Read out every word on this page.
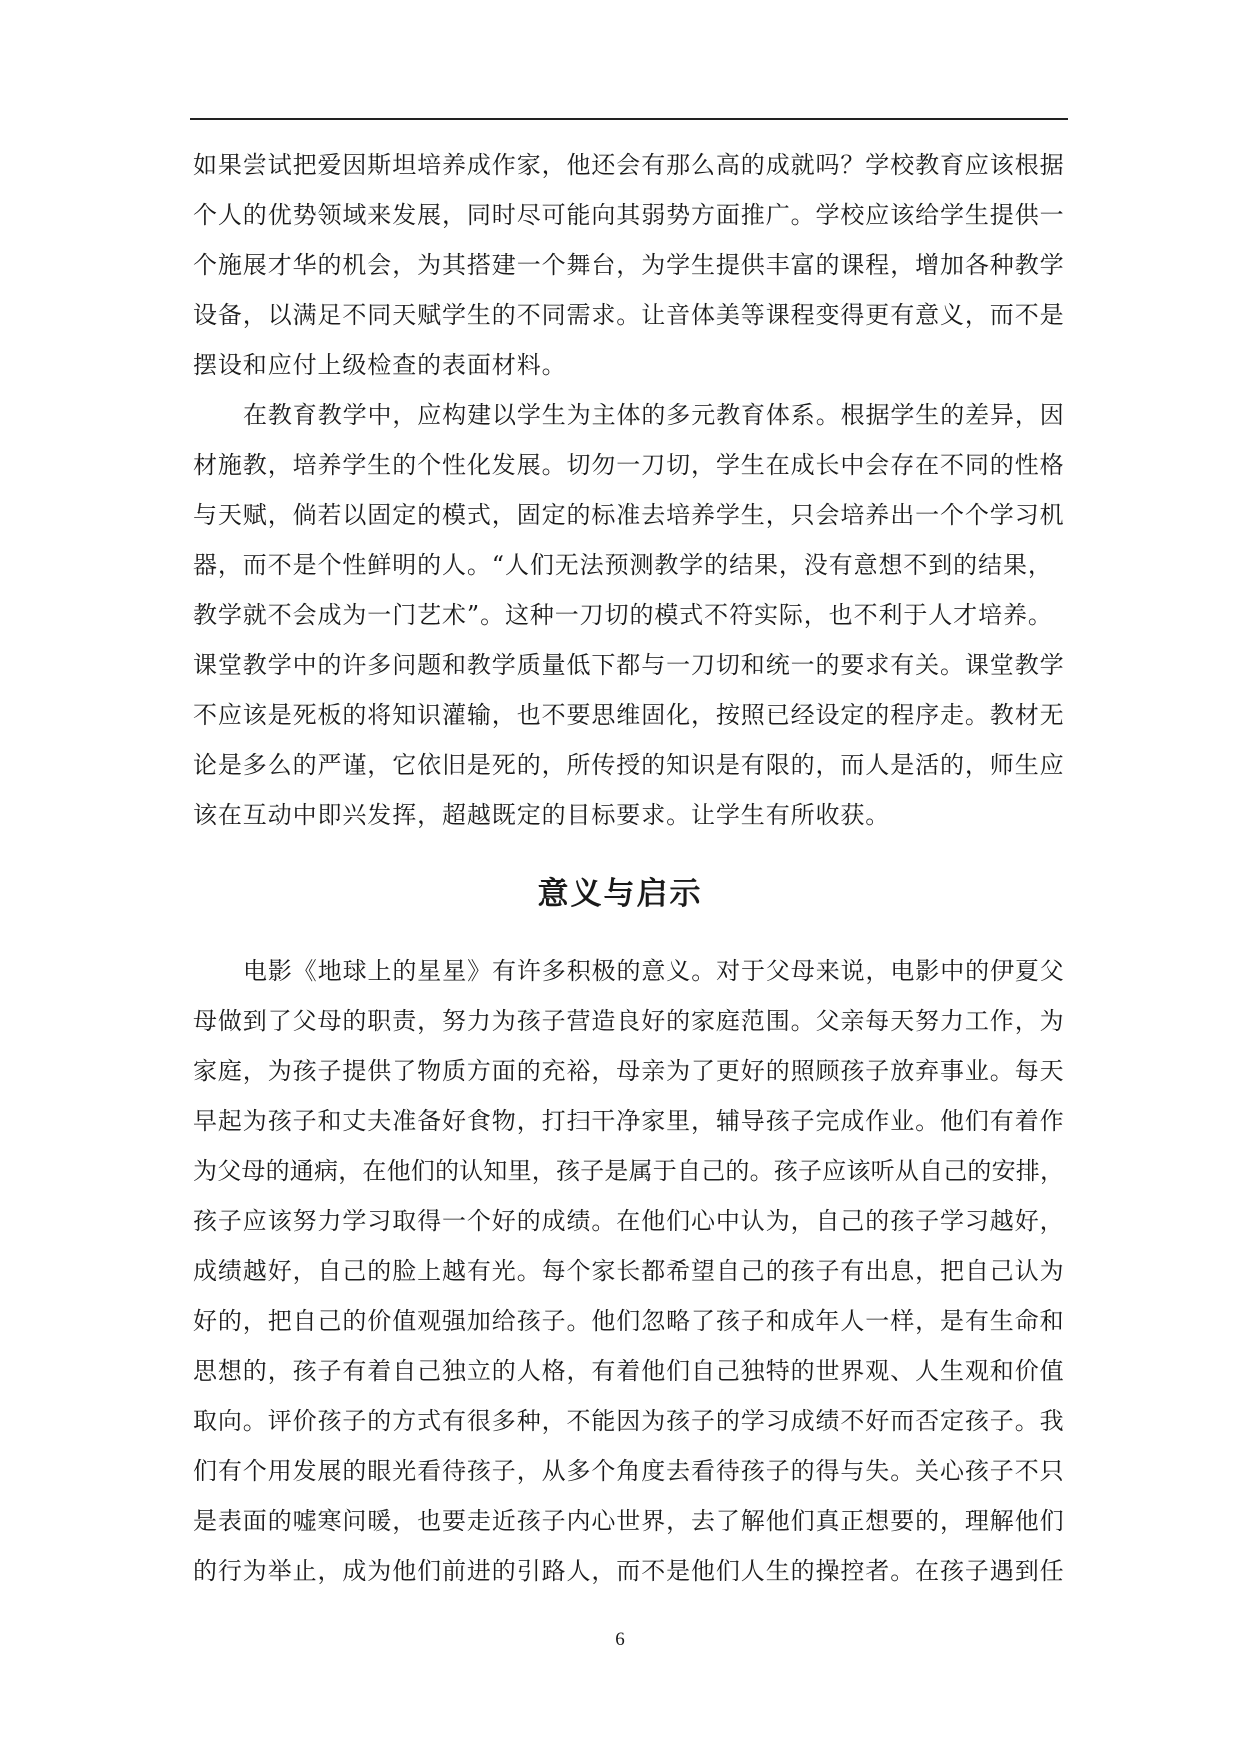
如果尝试把爱因斯坦培养成作家，他还会有那么高的成就吗？学校教育应该根据
个人的优势领域来发展，同时尽可能向其弱势方面推广。学校应该给学生提供一
个施展才华的机会，为其搭建一个舞台，为学生提供丰富的课程，增加各种教学
设备，以满足不同天赋学生的不同需求。让音体美等课程变得更有意义，而不是
摆设和应付上级检查的表面材料。

在教育教学中，应构建以学生为主体的多元教育体系。根据学生的差异，因
材施教，培养学生的个性化发展。切勿一刀切，学生在成长中会存在不同的性格
与天赋，倘若以固定的模式，固定的标准去培养学生，只会培养出一个个学习机
器，而不是个性鲜明的人。“人们无法预测教学的结果，没有意想不到的结果，
教学就不会成为一门艺术”。这种一刀切的模式不符实际，也不利于人才培养。
课堂教学中的许多问题和教学质量低下都与一刀切和统一的要求有关。课堂教学
不应该是死板的将知识灌输，也不要思维固化，按照已经设定的程序走。教材无
论是多么的严谨，它依旧是死的，所传授的知识是有限的，而人是活的，师生应
该在互动中即兴发挥，超越既定的目标要求。让学生有所收获。

意义与启示

电影《地球上的星星》有许多积极的意义。对于父母来说，电影中的伊夏父
母做到了父母的职责，努力为孩子营造良好的家庭范围。父亲每天努力工作，为
家庭，为孩子提供了物质方面的充裕，母亲为了更好的照顾孩子放弃事业。每天
早起为孩子和丈夫准备好食物，打扫干净家里，辅导孩子完成作业。他们有着作
为父母的通病，在他们的认知里，孩子是属于自己的。孩子应该听从自己的安排，
孩子应该努力学习取得一个好的成绩。在他们心中认为，自己的孩子学习越好，
成绩越好，自己的脸上越有光。每个家长都希望自己的孩子有出息，把自己认为
好的，把自己的价值观强加给孩子。他们忽略了孩子和成年人一样，是有生命和
思想的，孩子有着自己独立的人格，有着他们自己独特的世界观、人生观和价值
取向。评价孩子的方式有很多种，不能因为孩子的学习成绩不好而否定孩子。我
们有个用发展的眼光看待孩子，从多个角度去看待孩子的得与失。关心孩子不只
是表面的嘘寒问暖，也要走近孩子内心世界，去了解他们真正想要的，理解他们
的行为举止，成为他们前进的引路人，而不是他们人生的操控者。在孩子遇到任

6
